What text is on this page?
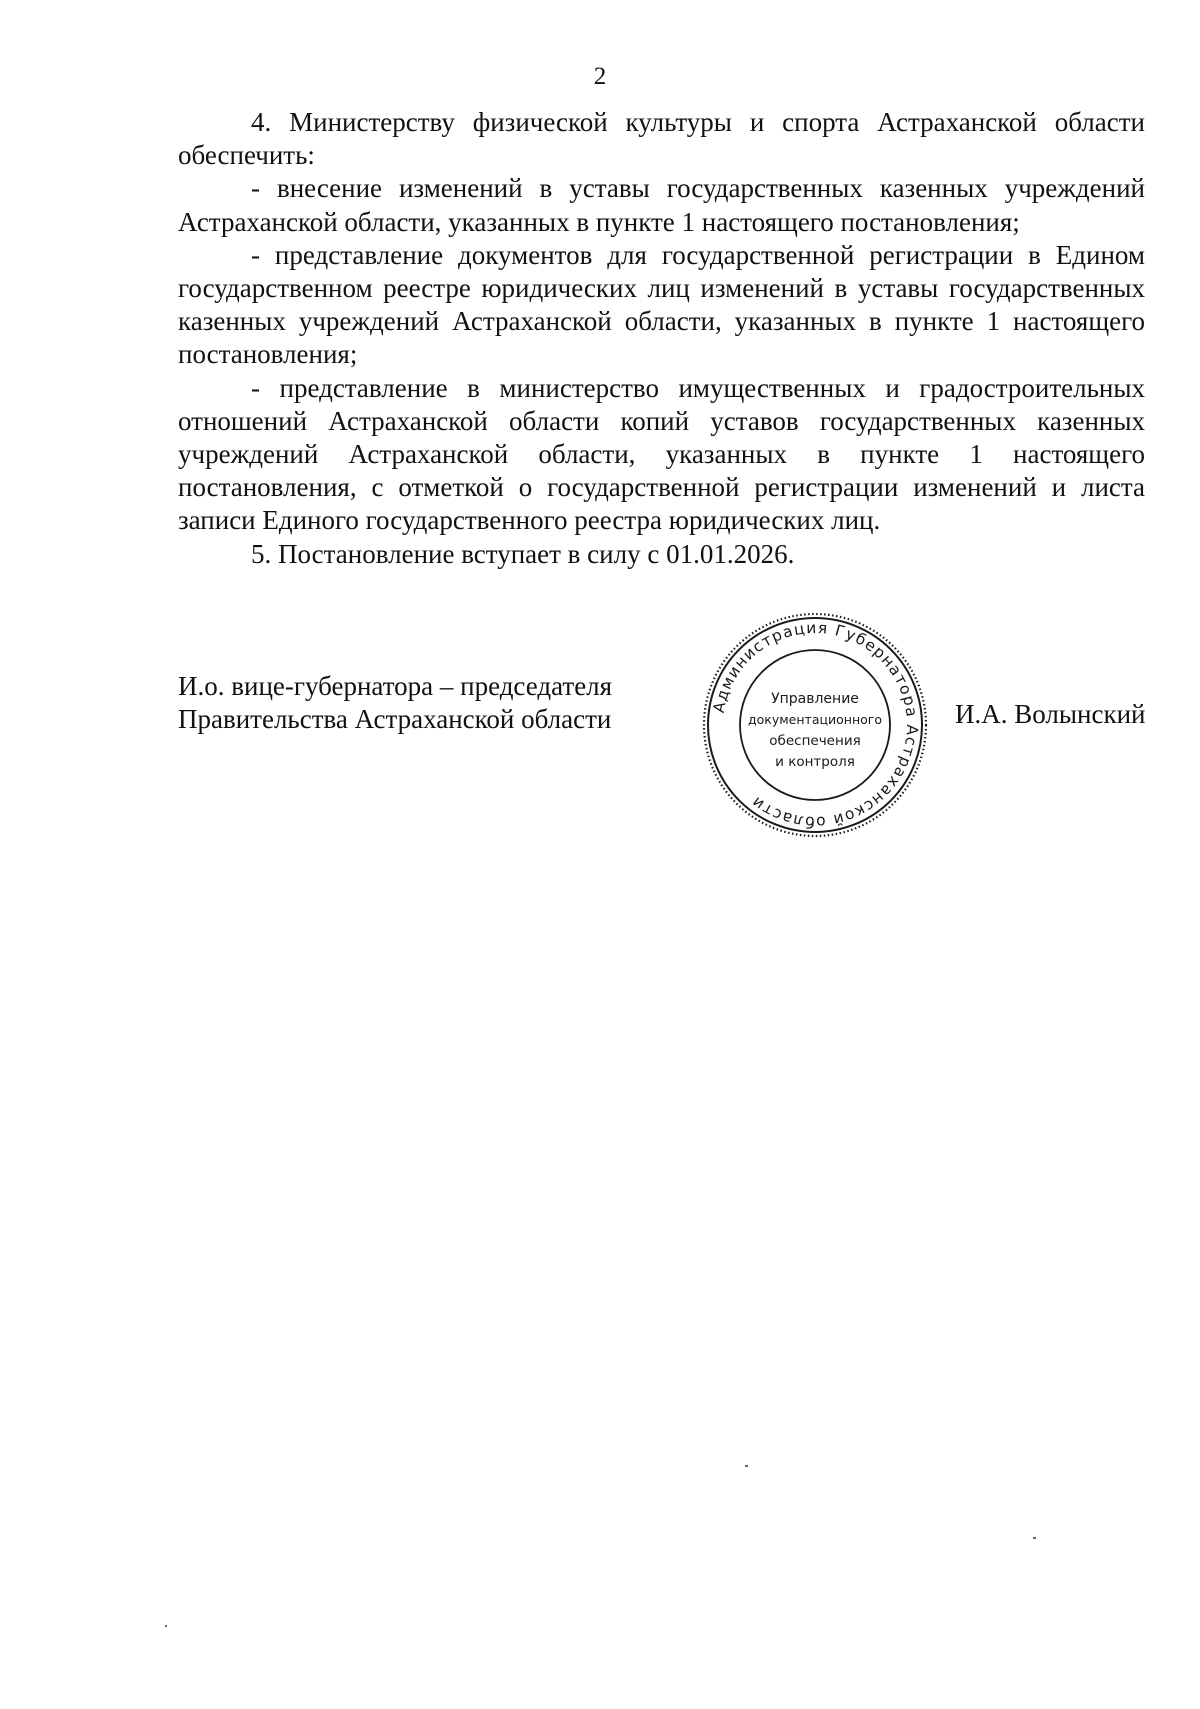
2

4. Министерству физической культуры и спорта Астраханской области обеспечить:

- внесение изменений в уставы государственных казенных учреждений Астраханской области, указанных в пункте 1 настоящего постановления;

- представление документов для государственной регистрации в Едином государственном реестре юридических лиц изменений в уставы государственных казенных учреждений Астраханской области, указанных в пункте 1 настоящего постановления;

- представление в министерство имущественных и градостроительных отношений Астраханской области копий уставов государственных казенных учреждений Астраханской области, указанных в пункте 1 настоящего постановления, с отметкой о государственной регистрации изменений и листа записи Единого государственного реестра юридических лиц.

5. Постановление вступает в силу с 01.01.2026.

И.о. вице-губернатора – председателя
Правительства Астраханской области	И.А. Волынский
Администрация Губернатора Астраханской области
Управление
документационного
обеспечения
и контроля
